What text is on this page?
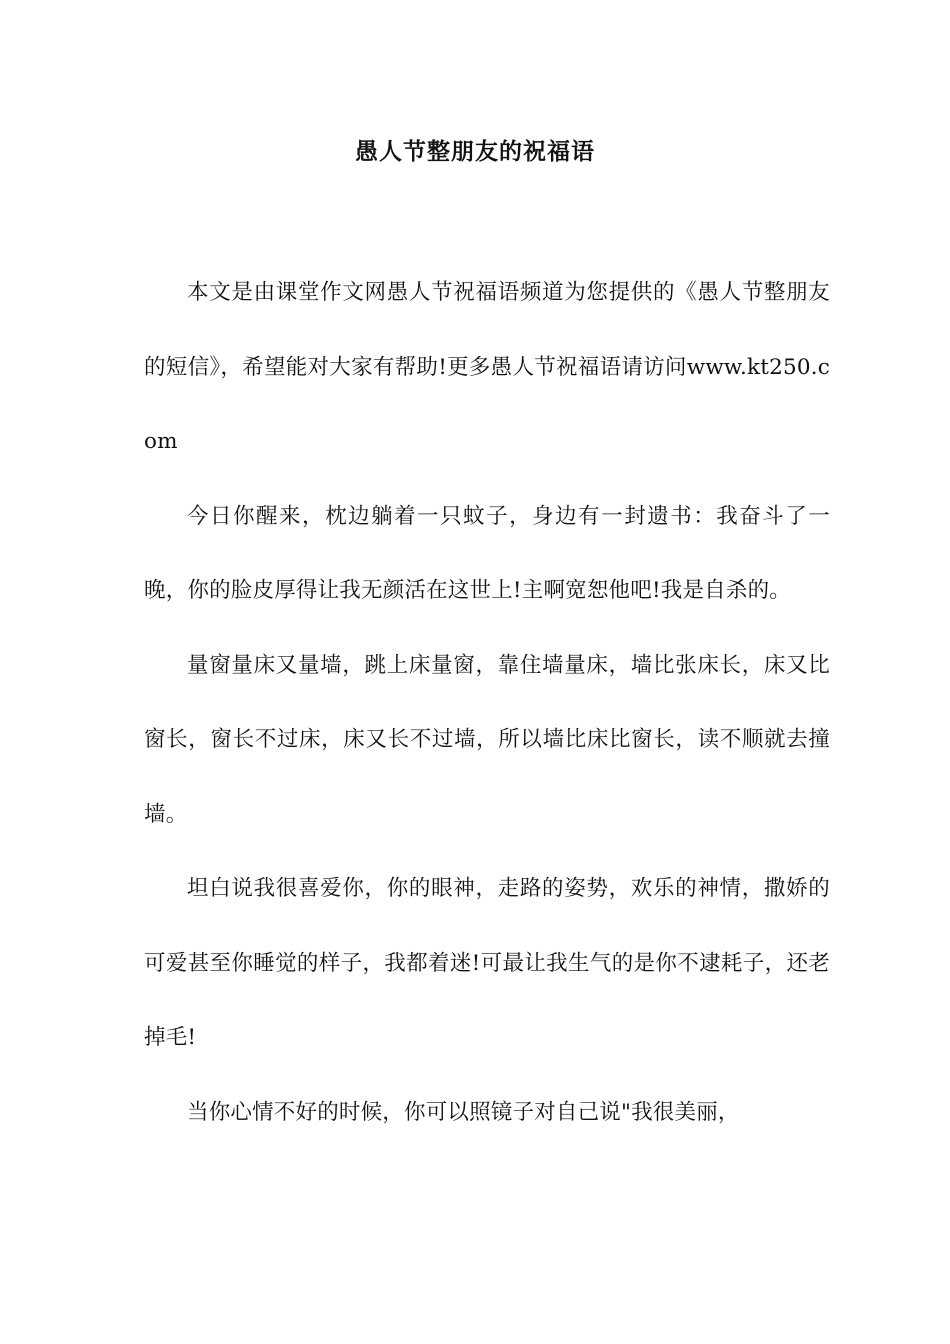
愚人节整朋友的祝福语

本文是由课堂作文网愚人节祝福语频道为您提供的《愚人节整朋友的短信》，希望能对大家有帮助!更多愚人节祝福语请访问www.kt250.com

今日你醒来，枕边躺着一只蚊子，身边有一封遗书：我奋斗了一晚，你的脸皮厚得让我无颜活在这世上!主啊宽恕他吧!我是自杀的。

量窗量床又量墙，跳上床量窗，靠住墙量床，墙比张床长，床又比窗长，窗长不过床，床又长不过墙，所以墙比床比窗长，读不顺就去撞墙。

坦白说我很喜爱你，你的眼神，走路的姿势，欢乐的神情，撒娇的可爱甚至你睡觉的样子，我都着迷!可最让我生气的是你不逮耗子，还老掉毛!

当你心情不好的时候，你可以照镜子对自己说"我很美丽，
